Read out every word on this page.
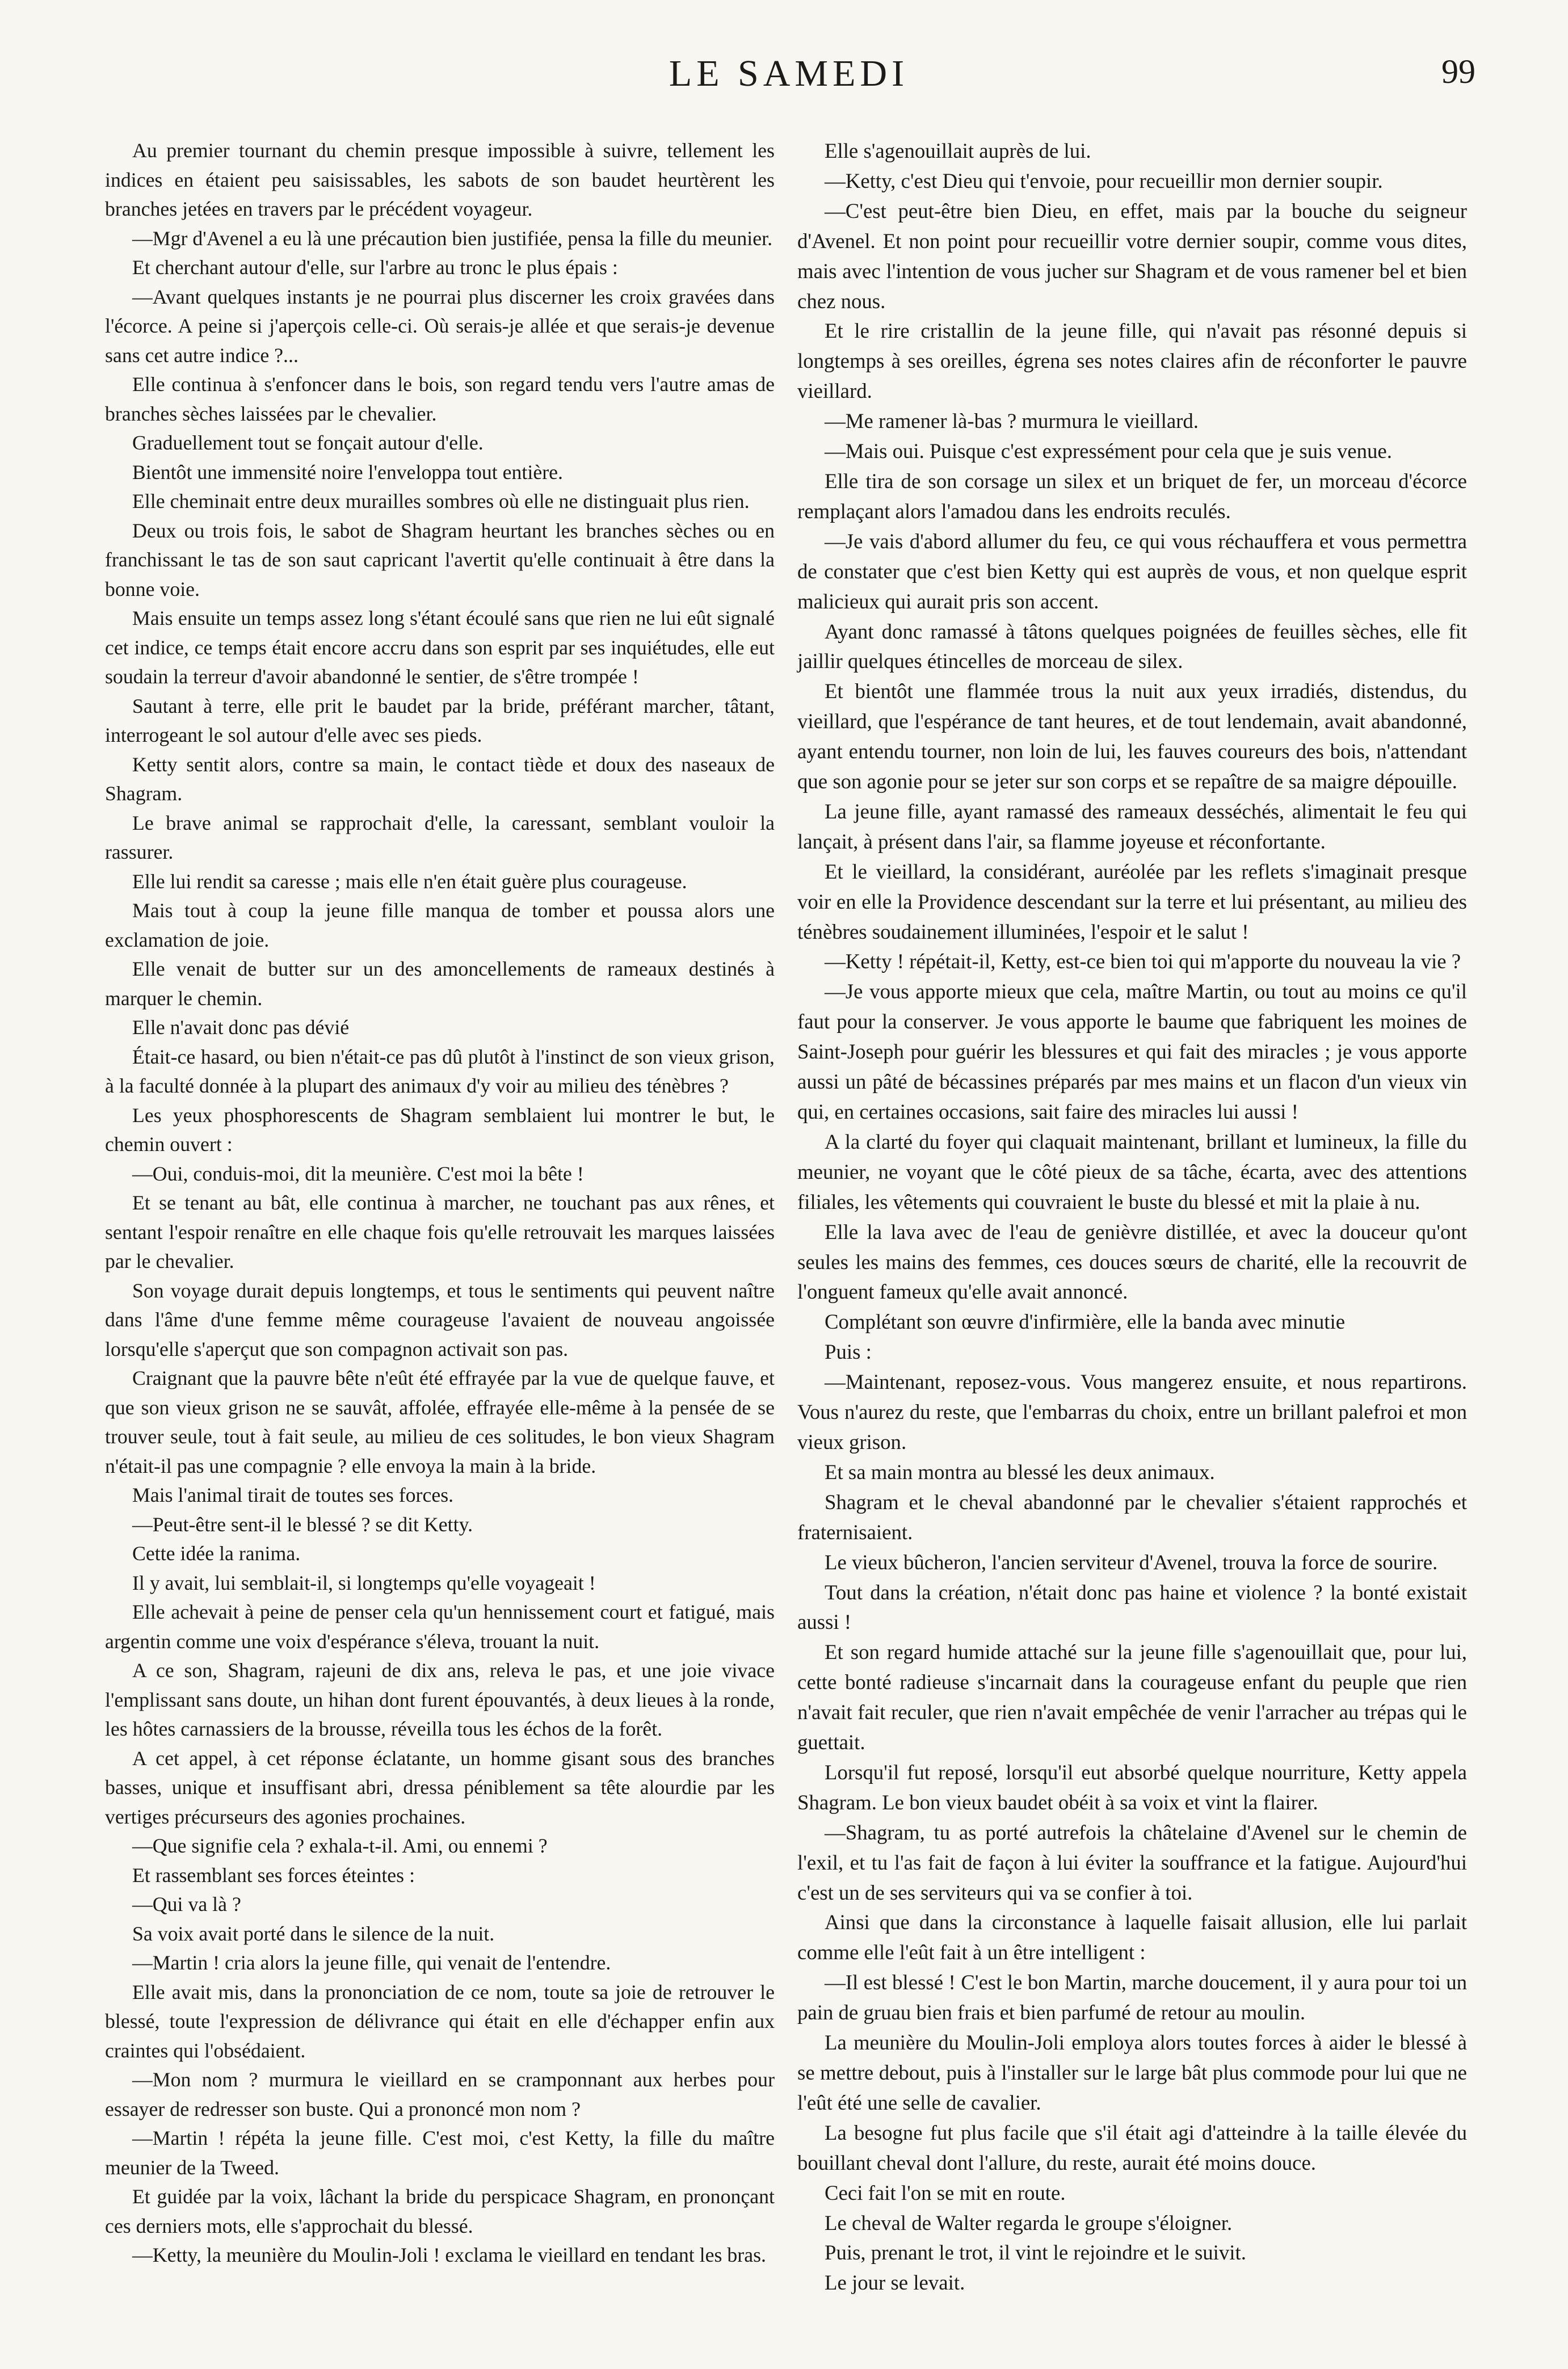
LE SAMEDI	99

Au premier tournant du chemin presque impossible à suivre, tellement les indices en étaient peu saisissables, les sabots de son baudet heurtèrent les branches jetées en travers par le précédent voyageur.

—Mgr d'Avenel a eu là une précaution bien justifiée, pensa la fille du meunier.

Et cherchant autour d'elle, sur l'arbre au tronc le plus épais :

—Avant quelques instants je ne pourrai plus discerner les croix gravées dans l'écorce. A peine si j'aperçois celle-ci. Où serais-je allée et que serais-je devenue sans cet autre indice ?...

Elle continua à s'enfoncer dans le bois, son regard tendu vers l'autre amas de branches sèches laissées par le chevalier.

Graduellement tout se fonçait autour d'elle.

Bientôt une immensité noire l'enveloppa tout entière.

Elle cheminait entre deux murailles sombres où elle ne distinguait plus rien.

Deux ou trois fois, le sabot de Shagram heurtant les branches sèches ou en franchissant le tas de son saut capricant l'avertit qu'elle continuait à être dans la bonne voie.

Mais ensuite un temps assez long s'étant écoulé sans que rien ne lui eût signalé cet indice, ce temps était encore accru dans son esprit par ses inquiétudes, elle eut soudain la terreur d'avoir abandonné le sentier, de s'être trompée !

Sautant à terre, elle prit le baudet par la bride, préférant marcher, tâtant, interrogeant le sol autour d'elle avec ses pieds.

Ketty sentit alors, contre sa main, le contact tiède et doux des naseaux de Shagram.

Le brave animal se rapprochait d'elle, la caressant, semblant vouloir la rassurer.

Elle lui rendit sa caresse ; mais elle n'en était guère plus courageuse.

Mais tout à coup la jeune fille manqua de tomber et poussa alors une exclamation de joie.

Elle venait de butter sur un des amoncellements de rameaux destinés à marquer le chemin.

Elle n'avait donc pas dévié

Était-ce hasard, ou bien n'était-ce pas dû plutôt à l'instinct de son vieux grison, à la faculté donnée à la plupart des animaux d'y voir au milieu des ténèbres ?

Les yeux phosphorescents de Shagram semblaient lui montrer le but, le chemin ouvert :

—Oui, conduis-moi, dit la meunière. C'est moi la bête !

Et se tenant au bât, elle continua à marcher, ne touchant pas aux rênes, et sentant l'espoir renaître en elle chaque fois qu'elle retrouvait les marques laissées par le chevalier.

Son voyage durait depuis longtemps, et tous le sentiments qui peuvent naître dans l'âme d'une femme même courageuse l'avaient de nouveau angoissée lorsqu'elle s'aperçut que son compagnon activait son pas.

Craignant que la pauvre bête n'eût été effrayée par la vue de quelque fauve, et que son vieux grison ne se sauvât, affolée, effrayée elle-même à la pensée de se trouver seule, tout à fait seule, au milieu de ces solitudes, le bon vieux Shagram n'était-il pas une compagnie ? elle envoya la main à la bride.

Mais l'animal tirait de toutes ses forces.

—Peut-être sent-il le blessé ? se dit Ketty.

Cette idée la ranima.

Il y avait, lui semblait-il, si longtemps qu'elle voyageait !

Elle achevait à peine de penser cela qu'un hennissement court et fatigué, mais argentin comme une voix d'espérance s'éleva, trouant la nuit.

A ce son, Shagram, rajeuni de dix ans, releva le pas, et une joie vivace l'emplissant sans doute, un hihan dont furent épouvantés, à deux lieues à la ronde, les hôtes carnassiers de la brousse, réveilla tous les échos de la forêt.

A cet appel, à cet réponse éclatante, un homme gisant sous des branches basses, unique et insuffisant abri, dressa péniblement sa tête alourdie par les vertiges précurseurs des agonies prochaines.

—Que signifie cela ? exhala-t-il. Ami, ou ennemi ?

Et rassemblant ses forces éteintes :

—Qui va là ?

Sa voix avait porté dans le silence de la nuit.

—Martin ! cria alors la jeune fille, qui venait de l'entendre.

Elle avait mis, dans la prononciation de ce nom, toute sa joie de retrouver le blessé, toute l'expression de délivrance qui était en elle d'échapper enfin aux craintes qui l'obsédaient.

—Mon nom ? murmura le vieillard en se cramponnant aux herbes pour essayer de redresser son buste. Qui a prononcé mon nom ?

—Martin ! répéta la jeune fille. C'est moi, c'est Ketty, la fille du maître meunier de la Tweed.

Et guidée par la voix, lâchant la bride du perspicace Shagram, en prononçant ces derniers mots, elle s'approchait du blessé.

—Ketty, la meunière du Moulin-Joli ! exclama le vieillard en tendant les bras.

Elle s'agenouillait auprès de lui.

—Ketty, c'est Dieu qui t'envoie, pour recueillir mon dernier soupir.

—C'est peut-être bien Dieu, en effet, mais par la bouche du seigneur d'Avenel. Et non point pour recueillir votre dernier soupir, comme vous dites, mais avec l'intention de vous jucher sur Shagram et de vous ramener bel et bien chez nous.

Et le rire cristallin de la jeune fille, qui n'avait pas résonné depuis si longtemps à ses oreilles, égrena ses notes claires afin de réconforter le pauvre vieillard.

—Me ramener là-bas ? murmura le vieillard.

—Mais oui. Puisque c'est expressément pour cela que je suis venue.

Elle tira de son corsage un silex et un briquet de fer, un morceau d'écorce remplaçant alors l'amadou dans les endroits reculés.

—Je vais d'abord allumer du feu, ce qui vous réchauffera et vous permettra de constater que c'est bien Ketty qui est auprès de vous, et non quelque esprit malicieux qui aurait pris son accent.

Ayant donc ramassé à tâtons quelques poignées de feuilles sèches, elle fit jaillir quelques étincelles de morceau de silex.

Et bientôt une flammée trous la nuit aux yeux irradiés, distendus, du vieillard, que l'espérance de tant heures, et de tout lendemain, avait abandonné, ayant entendu tourner, non loin de lui, les fauves coureurs des bois, n'attendant que son agonie pour se jeter sur son corps et se repaître de sa maigre dépouille.

La jeune fille, ayant ramassé des rameaux desséchés, alimentait le feu qui lançait, à présent dans l'air, sa flamme joyeuse et réconfortante.

Et le vieillard, la considérant, auréolée par les reflets s'imaginait presque voir en elle la Providence descendant sur la terre et lui présentant, au milieu des ténèbres soudainement illuminées, l'espoir et le salut !

—Ketty ! répétait-il, Ketty, est-ce bien toi qui m'apporte du nouveau la vie ?

—Je vous apporte mieux que cela, maître Martin, ou tout au moins ce qu'il faut pour la conserver. Je vous apporte le baume que fabriquent les moines de Saint-Joseph pour guérir les blessures et qui fait des miracles ; je vous apporte aussi un pâté de bécassines préparés par mes mains et un flacon d'un vieux vin qui, en certaines occasions, sait faire des miracles lui aussi !

A la clarté du foyer qui claquait maintenant, brillant et lumineux, la fille du meunier, ne voyant que le côté pieux de sa tâche, écarta, avec des attentions filiales, les vêtements qui couvraient le buste du blessé et mit la plaie à nu.

Elle la lava avec de l'eau de genièvre distillée, et avec la douceur qu'ont seules les mains des femmes, ces douces sœurs de charité, elle la recouvrit de l'onguent fameux qu'elle avait annoncé.

Complétant son œuvre d'infirmière, elle la banda avec minutie

Puis :

—Maintenant, reposez-vous. Vous mangerez ensuite, et nous repartirons. Vous n'aurez du reste, que l'embarras du choix, entre un brillant palefroi et mon vieux grison.

Et sa main montra au blessé les deux animaux.

Shagram et le cheval abandonné par le chevalier s'étaient rapprochés et fraternisaient.

Le vieux bûcheron, l'ancien serviteur d'Avenel, trouva la force de sourire.

Tout dans la création, n'était donc pas haine et violence ? la bonté existait aussi !

Et son regard humide attaché sur la jeune fille s'agenouillait que, pour lui, cette bonté radieuse s'incarnait dans la courageuse enfant du peuple que rien n'avait fait reculer, que rien n'avait empêchée de venir l'arracher au trépas qui le guettait.

Lorsqu'il fut reposé, lorsqu'il eut absorbé quelque nourriture, Ketty appela Shagram. Le bon vieux baudet obéit à sa voix et vint la flairer.

—Shagram, tu as porté autrefois la châtelaine d'Avenel sur le chemin de l'exil, et tu l'as fait de façon à lui éviter la souffrance et la fatigue. Aujourd'hui c'est un de ses serviteurs qui va se confier à toi.

Ainsi que dans la circonstance à laquelle faisait allusion, elle lui parlait comme elle l'eût fait à un être intelligent :

—Il est blessé ! C'est le bon Martin, marche doucement, il y aura pour toi un pain de gruau bien frais et bien parfumé de retour au moulin.

La meunière du Moulin-Joli employa alors toutes forces à aider le blessé à se mettre debout, puis à l'installer sur le large bât plus commode pour lui que ne l'eût été une selle de cavalier.

La besogne fut plus facile que s'il était agi d'atteindre à la taille élevée du bouillant cheval dont l'allure, du reste, aurait été moins douce.

Ceci fait l'on se mit en route.

Le cheval de Walter regarda le groupe s'éloigner.

Puis, prenant le trot, il vint le rejoindre et le suivit.

Le jour se levait.
